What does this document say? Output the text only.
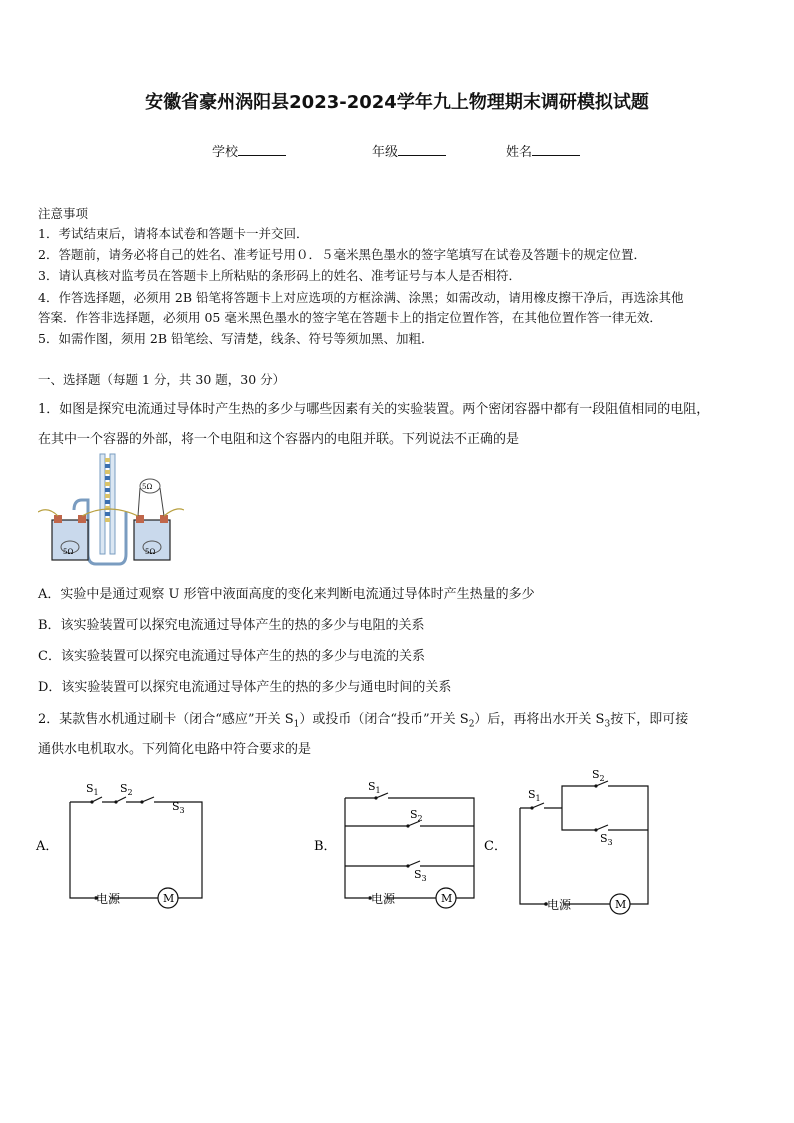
安徽省豪州涡阳县2023-2024学年九上物理期末调研模拟试题
学校	年级	姓名
注意事项
1．考试结束后，请将本试卷和答题卡一并交回．
2．答题前，请务必将自己的姓名、准考证号用０．５毫米黑色墨水的签字笔填写在试卷及答题卡的规定位置．
3．请认真核对监考员在答题卡上所粘贴的条形码上的姓名、准考证号与本人是否相符．
4．作答选择题，必须用 2B 铅笔将答题卡上对应选项的方框涂满、涂黑；如需改动，请用橡皮擦干净后，再选涂其他
答案．作答非选择题，必须用 05 毫米黑色墨水的签字笔在答题卡上的指定位置作答，在其他位置作答一律无效．
5．如需作图，须用 2B 铅笔绘、写清楚，线条、符号等须加黑、加粗．
一、选择题（每题 1 分，共 30 题，30 分）
1．如图是探究电流通过导体时产生热的多少与哪些因素有关的实验装置。两个密闭容器中都有一段阻值相同的电阻，
在其中一个容器的外部，将一个电阻和这个容器内的电阻并联。下列说法不正确的是
5Ω	5Ω
5Ω
A．实验中是通过观察 U 形管中液面高度的变化来判断电流通过导体时产生热量的多少
B．该实验装置可以探究电流通过导体产生的热的多少与电阻的关系
C．该实验装置可以探究电流通过导体产生的热的多少与电流的关系
D．该实验装置可以探究电流通过导体产生的热的多少与通电时间的关系
2．某款售水机通过刷卡（闭合“感应”开关 $S_1$）或投币（闭合“投币”开关 $S_2$）后，再将出水开关 $S_3$按下，即可接
通供水电机取水。下列简化电路中符合要求的是
A．
$S_1$ $S_2$
$S_3$
电源	M
B．
$S_1$
$S_2$
$S_3$
电源	M
C．
$S_1$
$S_2$
$S_3$
电源	M
